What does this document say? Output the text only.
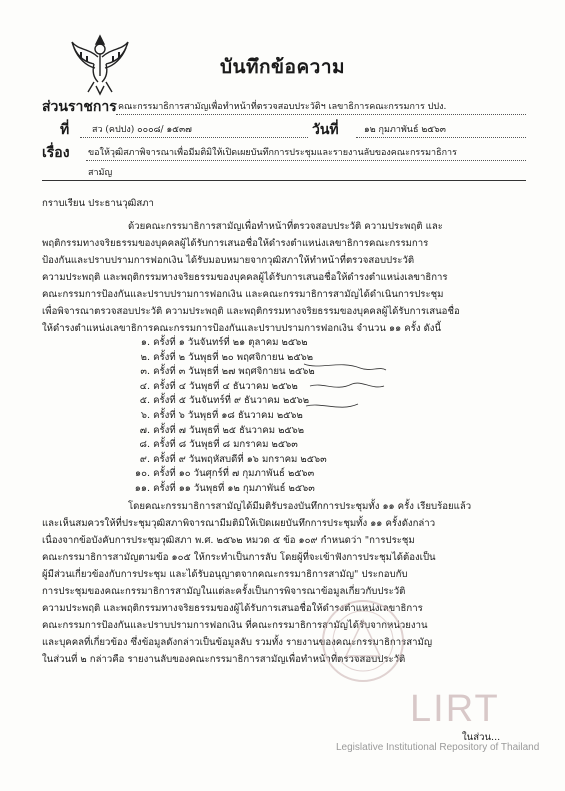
บันทึกข้อความ
ส่วนราชการ คณะกรรมาธิการสามัญเพื่อทำหน้าที่ตรวจสอบประวัติฯ เลขาธิการคณะกรรมการ ปปง.
ที่	สว (คปปง) ๐๐๐๘/ ๑๕๓๗	วันที่	๑๒ กุมภาพันธ์ ๒๕๖๓
เรื่อง ขอให้วุฒิสภาพิจารณาเพื่อมีมติมิให้เปิดเผยบันทึกการประชุมและรายงานลับของคณะกรรมาธิการ
สามัญ
กราบเรียน ประธานวุฒิสภา
ด้วยคณะกรรมาธิการสามัญเพื่อทำหน้าที่ตรวจสอบประวัติ ความประพฤติ และ
พฤติกรรมทางจริยธรรมของบุคคลผู้ได้รับการเสนอชื่อให้ดำรงตำแหน่งเลขาธิการคณะกรรมการ
ป้องกันและปราบปรามการฟอกเงิน ได้รับมอบหมายจากวุฒิสภาให้ทำหน้าที่ตรวจสอบประวัติ
ความประพฤติ และพฤติกรรมทางจริยธรรมของบุคคลผู้ได้รับการเสนอชื่อให้ดำรงตำแหน่งเลขาธิการ
คณะกรรมการป้องกันและปราบปรามการฟอกเงิน และคณะกรรมาธิการสามัญได้ดำเนินการประชุม
เพื่อพิจารณาตรวจสอบประวัติ ความประพฤติ และพฤติกรรมทางจริยธรรมของบุคคลผู้ได้รับการเสนอชื่อ
ให้ดำรงตำแหน่งเลขาธิการคณะกรรมการป้องกันและปราบปรามการฟอกเงิน จำนวน ๑๑ ครั้ง ดังนี้
๑. ครั้งที่ ๑ วันจันทร์ที่ ๒๑ ตุลาคม ๒๕๖๒
๒. ครั้งที่ ๒ วันพุธที่ ๒๐ พฤศจิกายน ๒๕๖๒
๓. ครั้งที่ ๓ วันพุธที่ ๒๗ พฤศจิกายน ๒๕๖๒
๔. ครั้งที่ ๔ วันพุธที่ ๔ ธันวาคม ๒๕๖๒
๕. ครั้งที่ ๕ วันจันทร์ที่ ๙ ธันวาคม ๒๕๖๒
๖. ครั้งที่ ๖ วันพุธที่ ๑๘ ธันวาคม ๒๕๖๒
๗. ครั้งที่ ๗ วันพุธที่ ๒๕ ธันวาคม ๒๕๖๒
๘. ครั้งที่ ๘ วันพุธที่ ๘ มกราคม ๒๕๖๓
๙. ครั้งที่ ๙ วันพฤหัสบดีที่ ๑๖ มกราคม ๒๕๖๓
๑๐. ครั้งที่ ๑๐ วันศุกร์ที่ ๗ กุมภาพันธ์ ๒๕๖๓
๑๑. ครั้งที่ ๑๑ วันพุธที่ ๑๒ กุมภาพันธ์ ๒๕๖๓
โดยคณะกรรมาธิการสามัญได้มีมติรับรองบันทึกการประชุมทั้ง ๑๑ ครั้ง เรียบร้อยแล้ว
และเห็นสมควรให้ที่ประชุมวุฒิสภาพิจารณามีมติมิให้เปิดเผยบันทึกการประชุมทั้ง ๑๑ ครั้งดังกล่าว
เนื่องจากข้อบังคับการประชุมวุฒิสภา พ.ศ. ๒๕๖๒ หมวด ๕ ข้อ ๑๐๙ กำหนดว่า "การประชุม
คณะกรรมาธิการสามัญตามข้อ ๑๐๕ ให้กระทำเป็นการลับ โดยผู้ที่จะเข้าฟังการประชุมได้ต้องเป็น
ผู้มีส่วนเกี่ยวข้องกับการประชุม และได้รับอนุญาตจากคณะกรรมาธิการสามัญ" ประกอบกับ
การประชุมของคณะกรรมาธิการสามัญในแต่ละครั้งเป็นการพิจารณาข้อมูลเกี่ยวกับประวัติ
ความประพฤติ และพฤติกรรมทางจริยธรรมของผู้ได้รับการเสนอชื่อให้ดำรงตำแหน่งเลขาธิการ
คณะกรรมการป้องกันและปราบปรามการฟอกเงิน ที่คณะกรรมาธิการสามัญได้รับจากหน่วยงาน
และบุคคลที่เกี่ยวข้อง ซึ่งข้อมูลดังกล่าวเป็นข้อมูลลับ รวมทั้ง รายงานของคณะกรรมาธิการสามัญ
ในส่วนที่ ๒ กล่าวคือ รายงานลับของคณะกรรมาธิการสามัญเพื่อทำหน้าที่ตรวจสอบประวัติ
LIRT
ในส่วน...
Legislative Institutional Repository of Thailand
